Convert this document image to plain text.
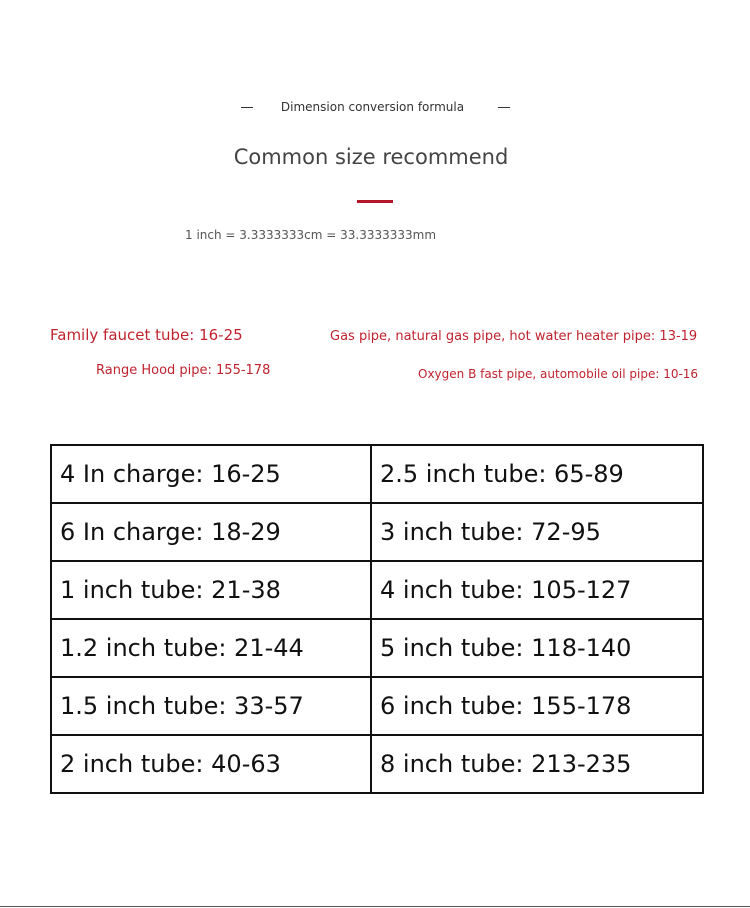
Dimension conversion formula
Common size recommend
1 inch = 3.3333333cm = 33.3333333mm
Family faucet tube: 16-25	Gas pipe, natural gas pipe, hot water heater pipe: 13-19
Range Hood pipe: 155-178	Oxygen B fast pipe, automobile oil pipe: 10-16
4 In charge: 16-25	2.5 inch tube: 65-89
6 In charge: 18-29	3 inch tube: 72-95
1 inch tube: 21-38	4 inch tube: 105-127
1.2 inch tube: 21-44	5 inch tube: 118-140
1.5 inch tube: 33-57	6 inch tube: 155-178
2 inch tube: 40-63	8 inch tube: 213-235
